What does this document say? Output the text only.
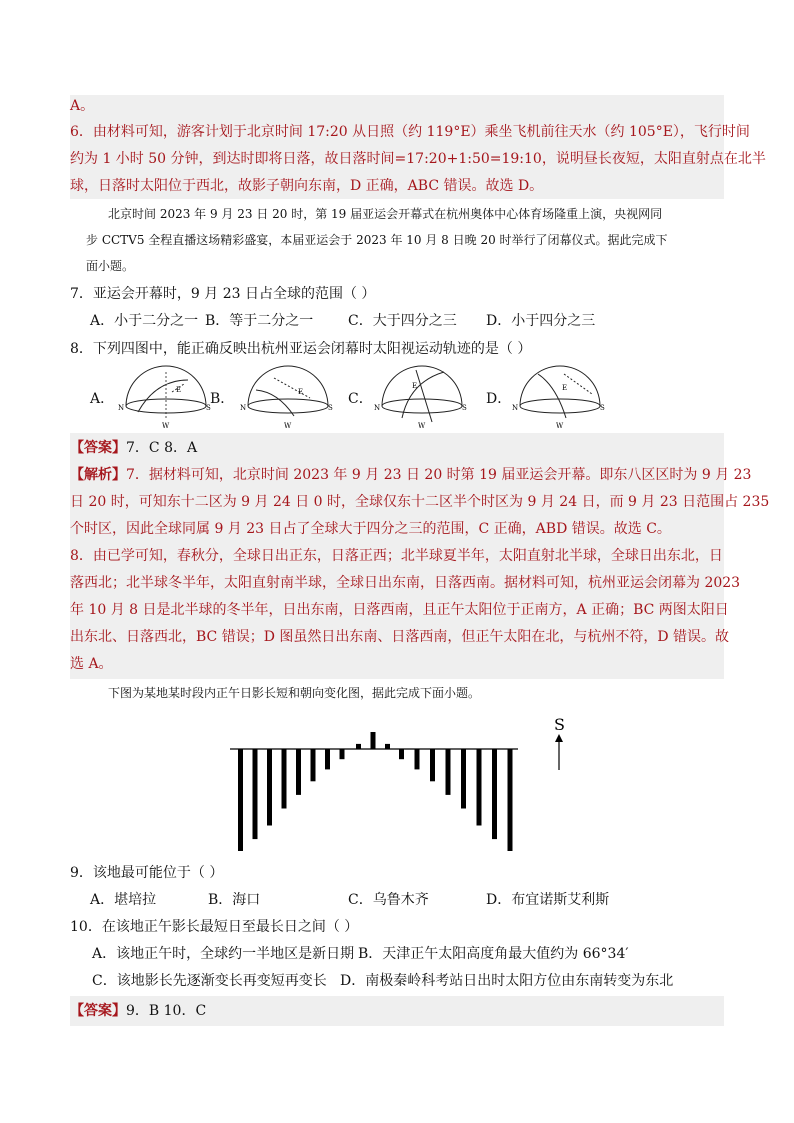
A。
6．由材料可知，游客计划于北京时间 17:20 从日照（约 119°E）乘坐飞机前往天水（约 105°E），飞行时间
约为 1 小时 50 分钟，到达时即将日落，故日落时间=17:20+1:50=19:10，说明昼长夜短，太阳直射点在北半
球，日落时太阳位于西北，故影子朝向东南，D 正确，ABC 错误。故选 D。
北京时间 2023 年 9 月 23 日 20 时，第 19 届亚运会开幕式在杭州奥体中心体育场隆重上演，央视网同
步 CCTV5 全程直播这场精彩盛宴，本届亚运会于 2023 年 10 月 8 日晚 20 时举行了闭幕仪式。据此完成下
面小题。
7．亚运会开幕时，9 月 23 日占全球的范围（ ）
A．小于二分之一 B．等于二分之一 C．大于四分之三 D．小于四分之三
8．下列四图中，能正确反映出杭州亚运会闭幕时太阳视运动轨迹的是（ ）
A．	B．	C．	D．
N	S
E
W
N	S
E
W
N	S
E
W
N	S
E
W
【答案】7．C 8．A
【解析】7．据材料可知，北京时间 2023 年 9 月 23 日 20 时第 19 届亚运会开幕。即东八区区时为 9 月 23
日 20 时，可知东十二区为 9 月 24 日 0 时，全球仅东十二区半个时区为 9 月 24 日，而 9 月 23 日范围占 235
个时区，因此全球同属 9 月 23 日占了全球大于四分之三的范围，C 正确，ABD 错误。故选 C。
8．由已学可知，春秋分，全球日出正东，日落正西；北半球夏半年，太阳直射北半球，全球日出东北，日
落西北；北半球冬半年，太阳直射南半球，全球日出东南，日落西南。据材料可知，杭州亚运会闭幕为 2023
年 10 月 8 日是北半球的冬半年，日出东南，日落西南，且正午太阳位于正南方，A 正确；BC 两图太阳日
出东北、日落西北，BC 错误；D 图虽然日出东南、日落西南，但正午太阳在北，与杭州不符，D 错误。故
选 A。
下图为某地某时段内正午日影长短和朝向变化图，据此完成下面小题。
S
9．该地最可能位于（ ）
A．堪培拉	B．海口	C．乌鲁木齐	D．布宜诺斯艾利斯
10．在该地正午影长最短日至最长日之间（ ）
A．该地正午时，全球约一半地区是新日期 B．天津正午太阳高度角最大值约为 66°34′
C．该地影长先逐渐变长再变短再变长 D．南极秦岭科考站日出时太阳方位由东南转变为东北
【答案】9．B 10．C
